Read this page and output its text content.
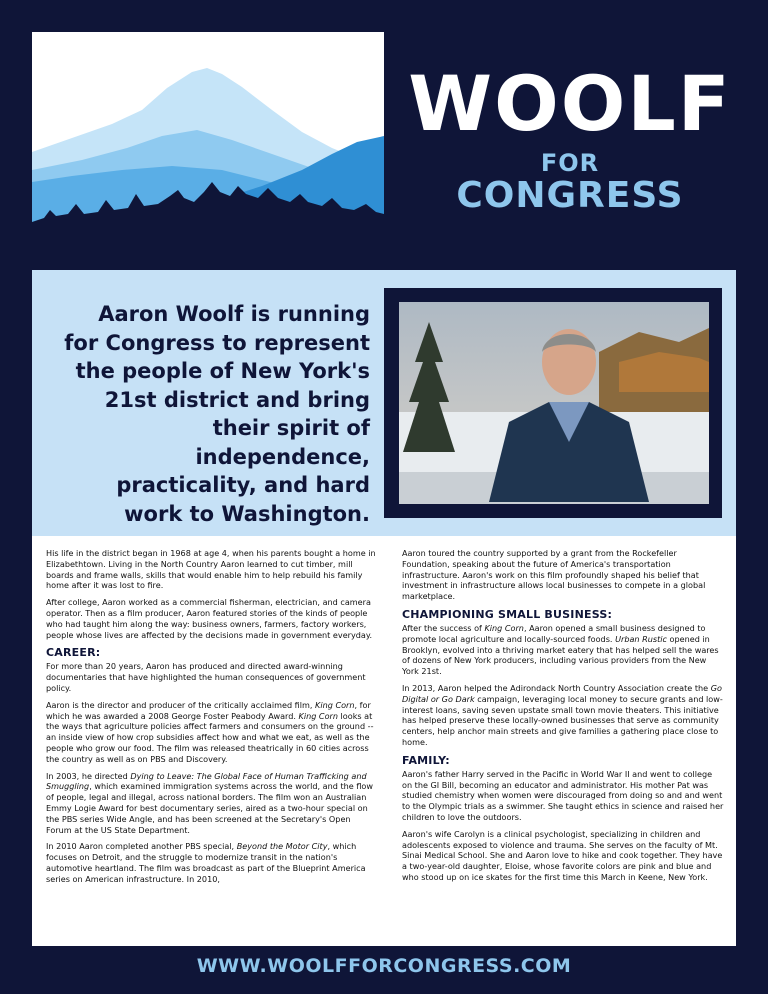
WOOLF
FOR
CONGRESS

Aaron Woolf is running for Congress to represent the people of New York's 21st district and bring their spirit of independence, practicality, and hard work to Washington.

His life in the district began in 1968 at age 4, when his parents bought a home in Elizabethtown. Living in the North Country Aaron learned to cut timber, mill boards and frame walls, skills that would enable him to help rebuild his family home after it was lost to fire.

After college, Aaron worked as a commercial fisherman, electrician, and camera operator. Then as a film producer, Aaron featured stories of the kinds of people who had taught him along the way: business owners, farmers, factory workers, people whose lives are affected by the decisions made in government everyday.

CAREER:

For more than 20 years, Aaron has produced and directed award-winning documentaries that have highlighted the human consequences of government policy.

Aaron is the director and producer of the critically acclaimed film, King Corn, for which he was awarded a 2008 George Foster Peabody Award. King Corn looks at the ways that agriculture policies affect farmers and consumers on the ground -- an inside view of how crop subsidies affect how and what we eat, as well as the people who grow our food. The film was released theatrically in 60 cities across the country as well as on PBS and Discovery.

In 2003, he directed Dying to Leave: The Global Face of Human Trafficking and Smuggling, which examined immigration systems across the world, and the flow of people, legal and illegal, across national borders. The film won an Australian Emmy Logie Award for best documentary series, aired as a two-hour special on the PBS series Wide Angle, and has been screened at the Secretary's Open Forum at the US State Department.

In 2010 Aaron completed another PBS special, Beyond the Motor City, which focuses on Detroit, and the struggle to modernize transit in the nation's automotive heartland. The film was broadcast as part of the Blueprint America series on American infrastructure. In 2010,

Aaron toured the country supported by a grant from the Rockefeller Foundation, speaking about the future of America's transportation infrastructure. Aaron's work on this film profoundly shaped his belief that investment in infrastructure allows local businesses to compete in a global marketplace.

CHAMPIONING SMALL BUSINESS:

After the success of King Corn, Aaron opened a small business designed to promote local agriculture and locally-sourced foods. Urban Rustic opened in Brooklyn, evolved into a thriving market eatery that has helped sell the wares of dozens of New York producers, including various providers from the New York 21st.

In 2013, Aaron helped the Adirondack North Country Association create the Go Digital or Go Dark campaign, leveraging local money to secure grants and low-interest loans, saving seven upstate small town movie theaters. This initiative has helped preserve these locally-owned businesses that serve as community centers, help anchor main streets and give families a gathering place close to home.

FAMILY:

Aaron's father Harry served in the Pacific in World War II and went to college on the GI Bill, becoming an educator and administrator. His mother Pat was studied chemistry when women were discouraged from doing so and and went to the Olympic trials as a swimmer. She taught ethics in science and raised her children to love the outdoors.

Aaron's wife Carolyn is a clinical psychologist, specializing in children and adolescents exposed to violence and trauma. She serves on the faculty of Mt. Sinai Medical School. She and Aaron love to hike and cook together. They have a two-year-old daughter, Eloise, whose favorite colors are pink and blue and who stood up on ice skates for the first time this March in Keene, New York.

WWW.WOOLFFORCONGRESS.COM
